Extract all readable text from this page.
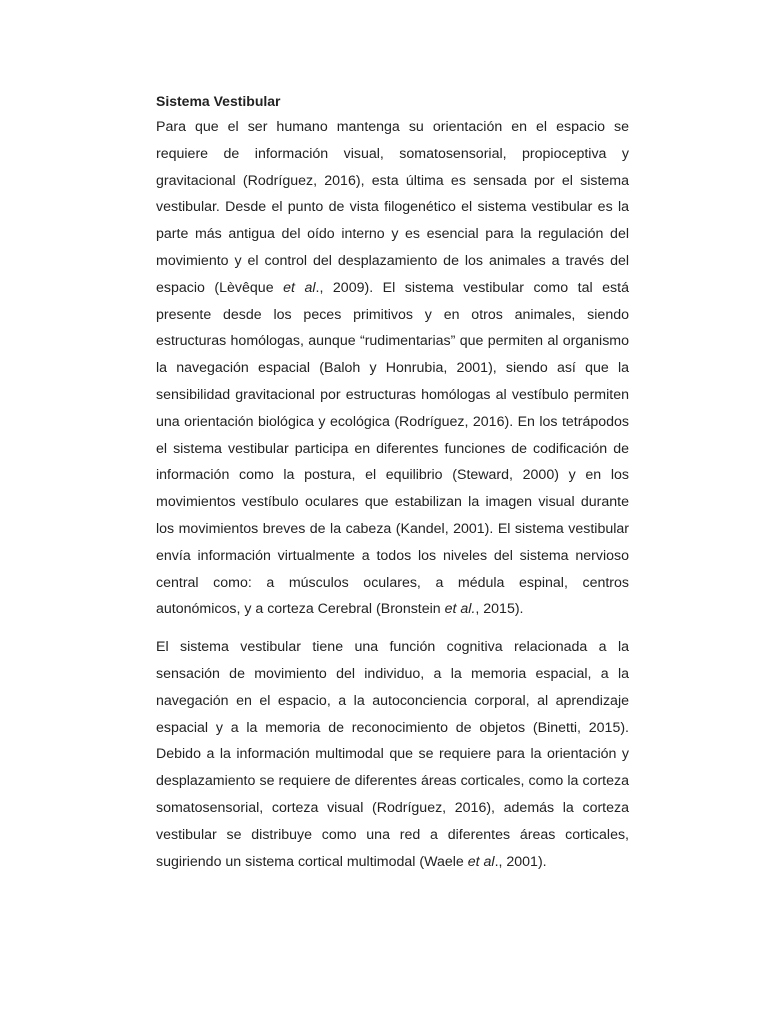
Sistema Vestibular

Para que el ser humano mantenga su orientación en el espacio se requiere de información visual, somatosensorial, propioceptiva y gravitacional (Rodríguez, 2016), esta última es sensada por el sistema vestibular. Desde el punto de vista filogenético el sistema vestibular es la parte más antigua del oído interno y es esencial para la regulación del movimiento y el control del desplazamiento de los animales a través del espacio (Lèvêque et al., 2009). El sistema vestibular como tal está presente desde los peces primitivos y en otros animales, siendo estructuras homólogas, aunque “rudimentarias” que permiten al organismo la navegación espacial (Baloh y Honrubia, 2001), siendo así que la sensibilidad gravitacional por estructuras homólogas al vestíbulo permiten una orientación biológica y ecológica (Rodríguez, 2016). En los tetrápodos el sistema vestibular participa en diferentes funciones de codificación de información como la postura, el equilibrio (Steward, 2000) y en los movimientos vestíbulo oculares que estabilizan la imagen visual durante los movimientos breves de la cabeza (Kandel, 2001). El sistema vestibular envía información virtualmente a todos los niveles del sistema nervioso central como: a músculos oculares, a médula espinal, centros autonómicos, y a corteza Cerebral (Bronstein et al., 2015).

El sistema vestibular tiene una función cognitiva relacionada a la sensación de movimiento del individuo, a la memoria espacial, a la navegación en el espacio, a la autoconciencia corporal, al aprendizaje espacial y a la memoria de reconocimiento de objetos (Binetti, 2015). Debido a la información multimodal que se requiere para la orientación y desplazamiento se requiere de diferentes áreas corticales, como la corteza somatosensorial, corteza visual (Rodríguez, 2016), además la corteza vestibular se distribuye como una red a diferentes áreas corticales, sugiriendo un sistema cortical multimodal (Waele et al., 2001).
